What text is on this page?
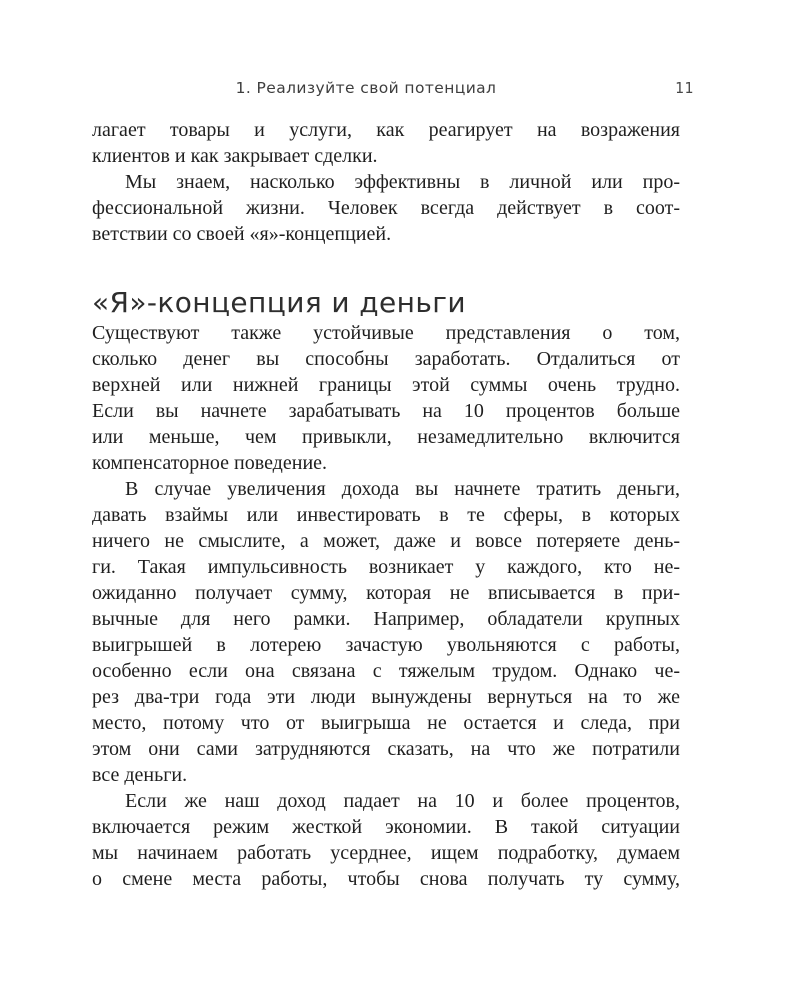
1. Реализуйте свой потенциал	11
лагает товары и услуги, как реагирует на возражения
клиентов и как закрывает сделки.
Мы знаем, насколько эффективны в личной или про-
фессиональной жизни. Человек всегда действует в соот-
ветствии со своей «я»-концепцией.
«Я»-концепция и деньги
Существуют также устойчивые представления о том,
сколько денег вы способны заработать. Отдалиться от
верхней или нижней границы этой суммы очень трудно.
Если вы начнете зарабатывать на 10 процентов больше
или меньше, чем привыкли, незамедлительно включится
компенсаторное поведение.
В случае увеличения дохода вы начнете тратить деньги,
давать взаймы или инвестировать в те сферы, в которых
ничего не смыслите, а может, даже и вовсе потеряете день-
ги. Такая импульсивность возникает у каждого, кто не-
ожиданно получает сумму, которая не вписывается в при-
вычные для него рамки. Например, обладатели крупных
выигрышей в лотерею зачастую увольняются с работы,
особенно если она связана с тяжелым трудом. Однако че-
рез два-три года эти люди вынуждены вернуться на то же
место, потому что от выигрыша не остается и следа, при
этом они сами затрудняются сказать, на что же потратили
все деньги.
Если же наш доход падает на 10 и более процентов,
включается режим жесткой экономии. В такой ситуации
мы начинаем работать усерднее, ищем подработку, думаем
о смене места работы, чтобы снова получать ту сумму,
